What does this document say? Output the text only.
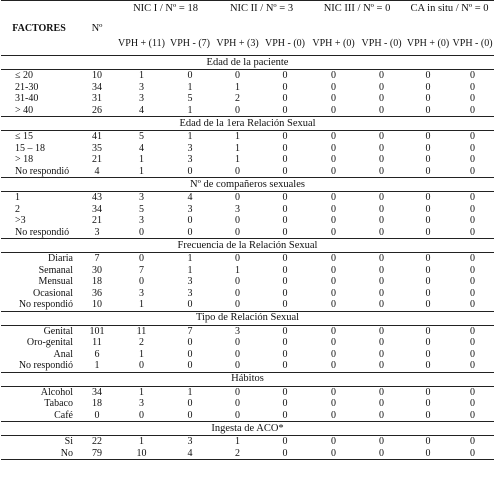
FACTORES	Nº	NIC I / Nº = 18		NIC II / Nº = 3		NIC III / Nº = 0		CA in situ / Nº = 0	
		VPH + (11)	VPH - (7)	VPH + (3)	VPH - (0)	VPH + (0)	VPH - (0)	VPH + (0)	VPH - (0)
Edad de la paciente									
≤ 20	10	1	0	0	0	0	0	0	0
21-30	34	3	1	1	0	0	0	0	0
31-40	31	3	5	2	0	0	0	0	0
> 40	26	4	1	0	0	0	0	0	0
Edad de la 1era Relación Sexual									
≤ 15	41	5	1	1	0	0	0	0	0
15 – 18	35	4	3	1	0	0	0	0	0
> 18	21	1	3	1	0	0	0	0	0
No respondió	4	1	0	0	0	0	0	0	0
Nº de compañeros sexuales									
1	43	3	4	0	0	0	0	0	0
2	34	5	3	3	0	0	0	0	0
>3	21	3	0	0	0	0	0	0	0
No respondió	3	0	0	0	0	0	0	0	0
Frecuencia de la Relación Sexual									
Diaria	7	0	1	0	0	0	0	0	0
Semanal	30	7	1	1	0	0	0	0	0
Mensual	18	0	3	0	0	0	0	0	0
Ocasional	36	3	3	0	0	0	0	0	0
No respondió	10	1	0	0	0	0	0	0	0
Tipo de Relación Sexual									
Genital	101	11	7	3	0	0	0	0	0
Oro-genital	11	2	0	0	0	0	0	0	0
Anal	6	1	0	0	0	0	0	0	0
No respondió	1	0	0	0	0	0	0	0	0
Hábitos									
Alcohol	34	1	1	0	0	0	0	0	0
Tabaco	18	3	0	0	0	0	0	0	0
Café	0	0	0	0	0	0	0	0	0
Ingesta de ACO*									
Si	22	1	3	1	0	0	0	0	0
No	79	10	4	2	0	0	0	0	0
